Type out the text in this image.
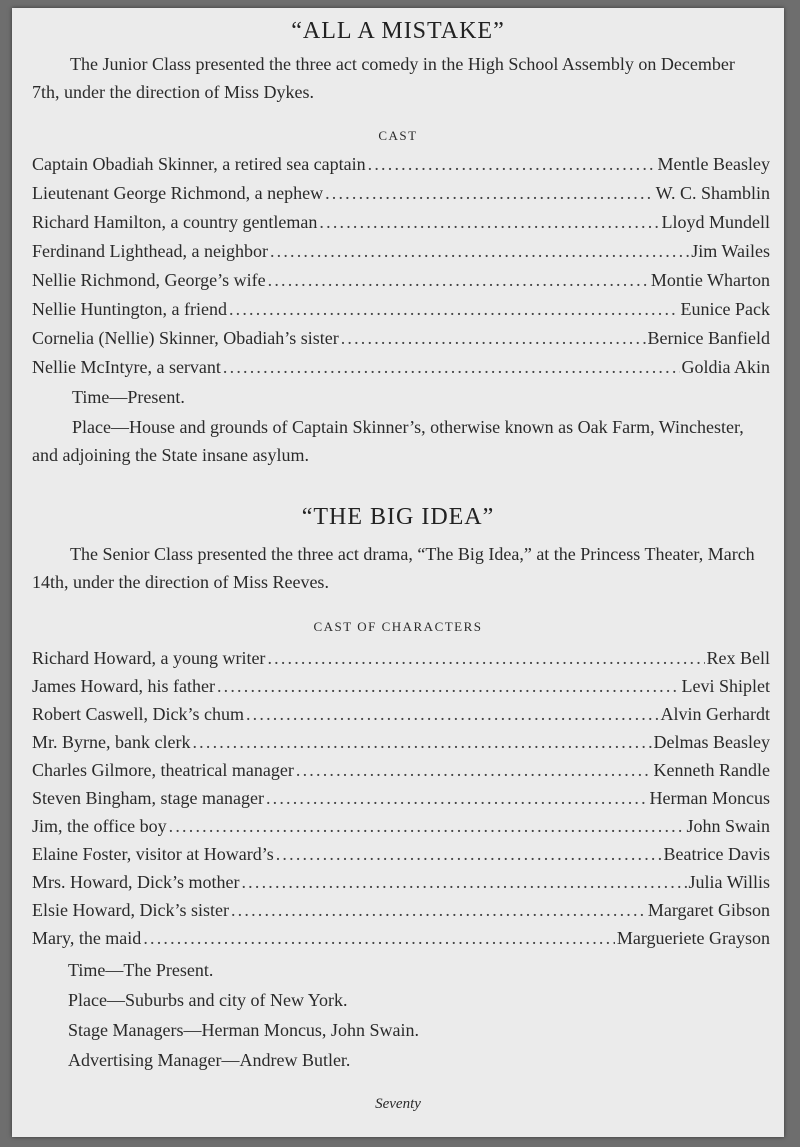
“ALL A MISTAKE”
The Junior Class presented the three act comedy in the High School Assembly on December 7th, under the direction of Miss Dykes.
CAST
Captain Obadiah Skinner, a retired sea captain .....	Mentle Beasley
Lieutenant George Richmond, a nephew .....	W. C. Shamblin
Richard Hamilton, a country gentleman .....	Lloyd Mundell
Ferdinand Lighthead, a neighbor .....	Jim Wailes
Nellie Richmond, George’s wife .....	Montie Wharton
Nellie Huntington, a friend .....	Eunice Pack
Cornelia (Nellie) Skinner, Obadiah’s sister .....	Bernice Banfield
Nellie McIntyre, a servant .....	Goldia Akin
Time—Present.
Place—House and grounds of Captain Skinner’s, otherwise known as Oak Farm, Winchester, and adjoining the State insane asylum.
“THE BIG IDEA”
The Senior Class presented the three act drama, “The Big Idea,” at the Princess Theater, March 14th, under the direction of Miss Reeves.
CAST OF CHARACTERS
Richard Howard, a young writer .....	Rex Bell
James Howard, his father .....	Levi Shiplet
Robert Caswell, Dick’s chum .....	Alvin Gerhardt
Mr. Byrne, bank clerk .....	Delmas Beasley
Charles Gilmore, theatrical manager .....	Kenneth Randle
Steven Bingham, stage manager .....	Herman Moncus
Jim, the office boy .....	John Swain
Elaine Foster, visitor at Howard’s .....	Beatrice Davis
Mrs. Howard, Dick’s mother .....	Julia Willis
Elsie Howard, Dick’s sister .....	Margaret Gibson
Mary, the maid .....	Margueriete Grayson
Time—The Present.
Place—Suburbs and city of New York.
Stage Managers—Herman Moncus, John Swain.
Advertising Manager—Andrew Butler.
Seventy
